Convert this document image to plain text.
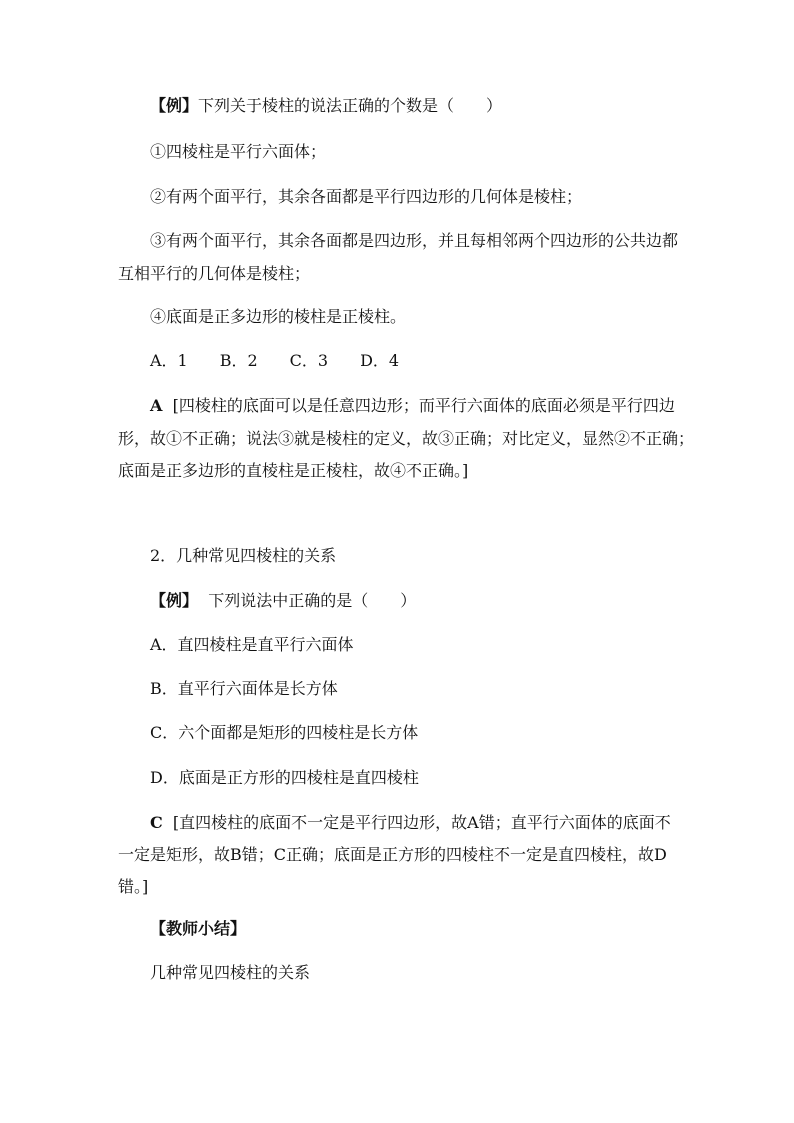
【例】下列关于棱柱的说法正确的个数是（　　）
①四棱柱是平行六面体；
②有两个面平行，其余各面都是平行四边形的几何体是棱柱；
③有两个面平行，其余各面都是四边形，并且每相邻两个四边形的公共边都
互相平行的几何体是棱柱；
④底面是正多边形的棱柱是正棱柱。
A．1　　B．2　　C．3　　D．4
A [四棱柱的底面可以是任意四边形；而平行六面体的底面必须是平行四边
形，故①不正确；说法③就是棱柱的定义，故③正确；对比定义，显然②不正确；
底面是正多边形的直棱柱是正棱柱，故④不正确。]
2．几种常见四棱柱的关系
【例】 下列说法中正确的是（　　）
A．直四棱柱是直平行六面体
B．直平行六面体是长方体
C．六个面都是矩形的四棱柱是长方体
D．底面是正方形的四棱柱是直四棱柱
C [直四棱柱的底面不一定是平行四边形，故A错；直平行六面体的底面不
一定是矩形，故B错；C正确；底面是正方形的四棱柱不一定是直四棱柱，故D
错。]
【教师小结】
几种常见四棱柱的关系
